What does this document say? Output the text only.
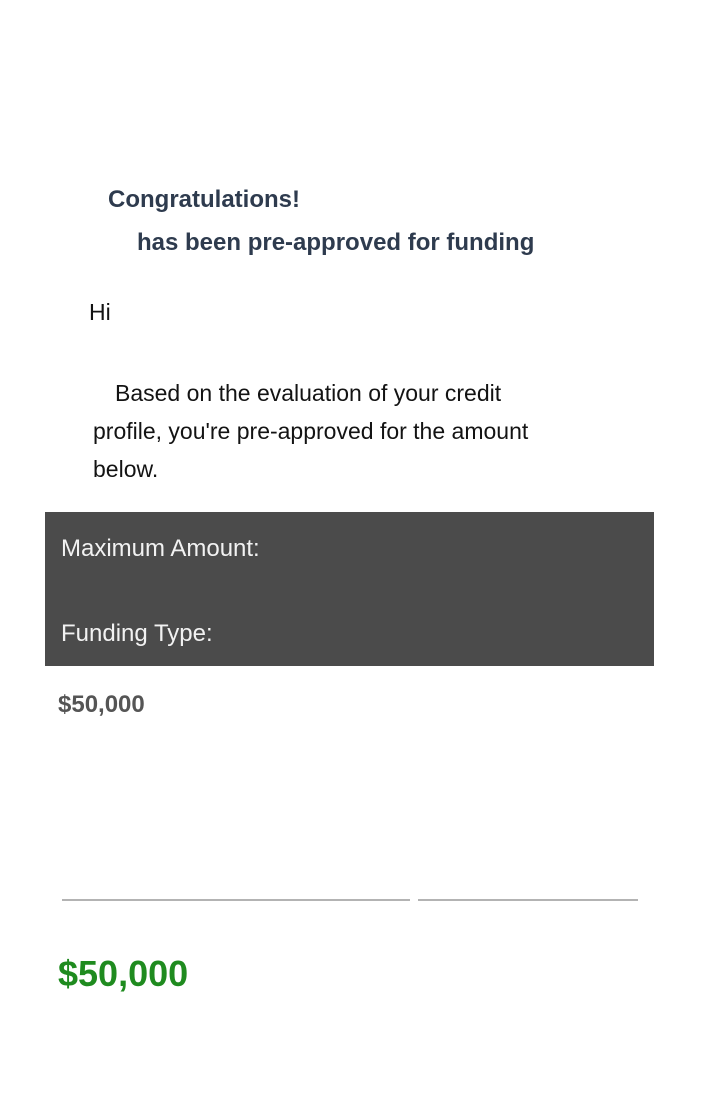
Congratulations!
has been pre-approved for funding
Hi
Based on the evaluation of your credit
profile, you're pre-approved for the amount
below.
Maximum Amount:
Funding Type:
$50,000
$50,000
